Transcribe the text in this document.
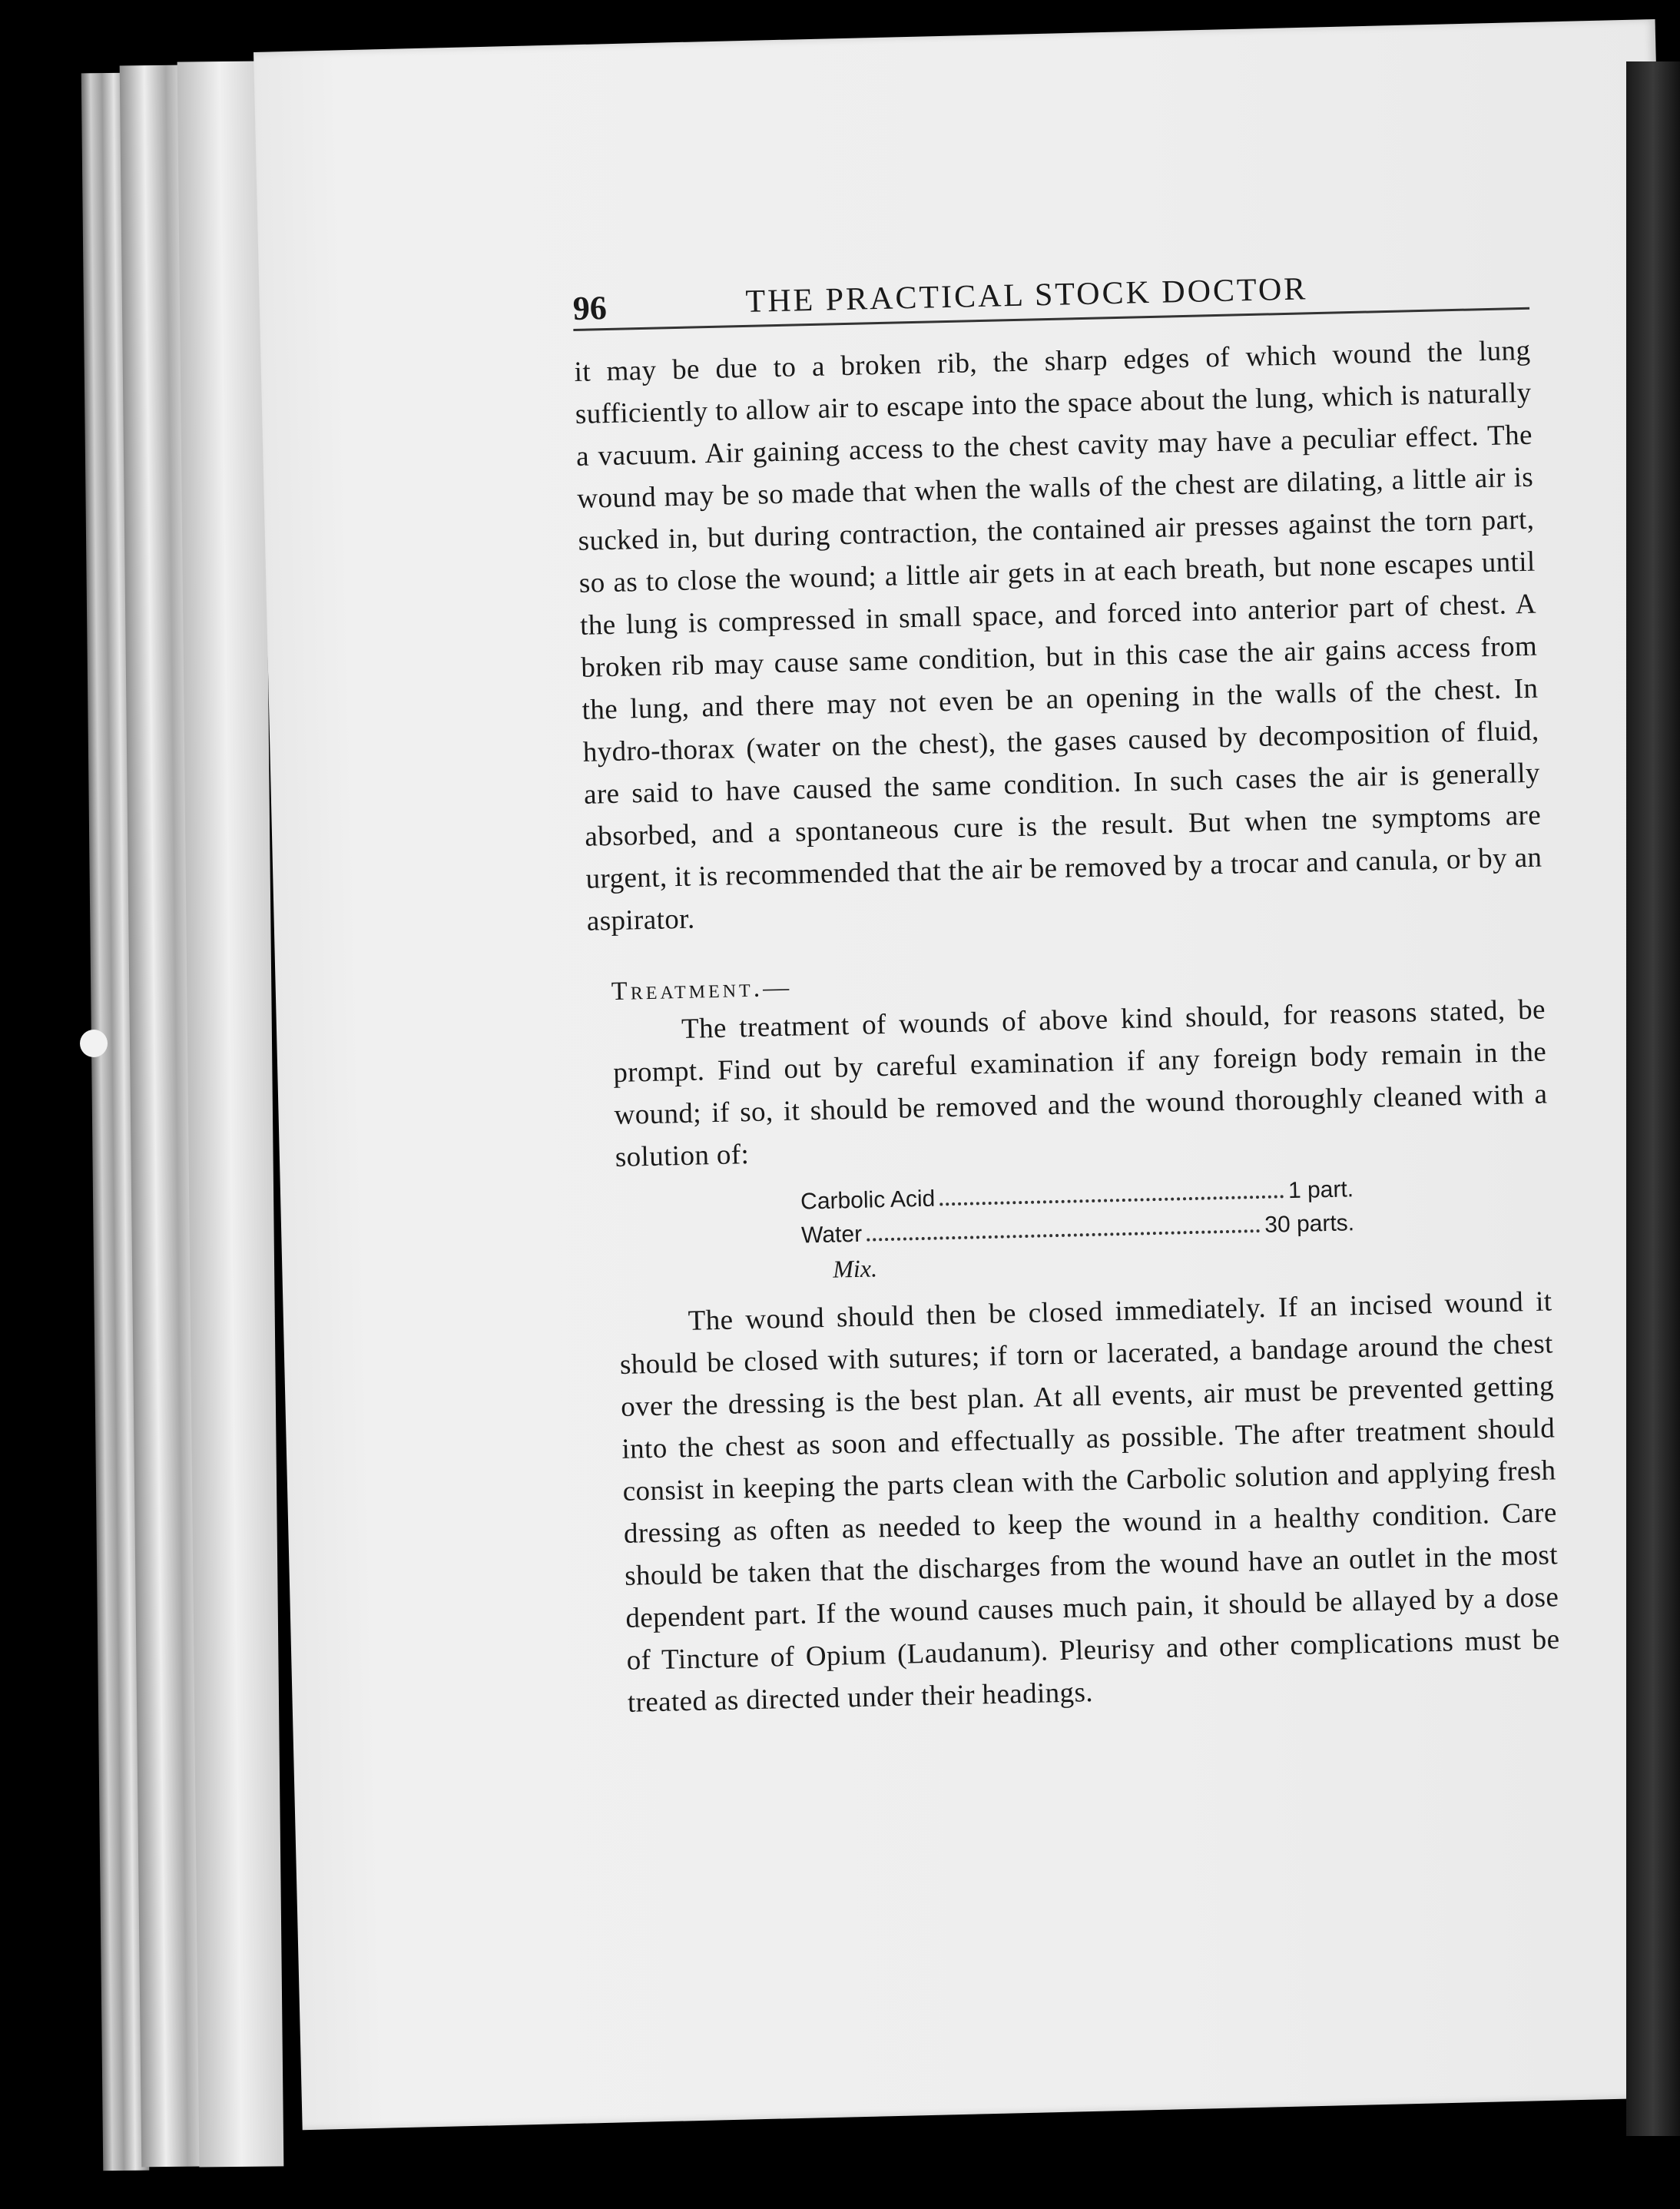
96	THE PRACTICAL STOCK DOCTOR

it may be due to a broken rib, the sharp edges of which wound the lung sufficiently to allow air to escape into the space about the lung, which is naturally a vacuum. Air gaining access to the chest cavity may have a peculiar effect. The wound may be so made that when the walls of the chest are dilating, a little air is sucked in, but during contraction, the contained air presses against the torn part, so as to close the wound; a little air gets in at each breath, but none escapes until the lung is compressed in small space, and forced into anterior part of chest. A broken rib may cause same condition, but in this case the air gains access from the lung, and there may not even be an opening in the walls of the chest. In hydro-thorax (water on the chest), the gases caused by decomposition of fluid, are said to have caused the same condition. In such cases the air is generally absorbed, and a spontaneous cure is the result. But when tne symptoms are urgent, it is recommended that the air be removed by a trocar and canula, or by an aspirator.

Treatment.—

The treatment of wounds of above kind should, for reasons stated, be prompt. Find out by careful examination if any foreign body remain in the wound; if so, it should be removed and the wound thoroughly cleaned with a solution of:

Carbolic Acid	1 part.
Water	30 parts.
Mix.

The wound should then be closed immediately. If an incised wound it should be closed with sutures; if torn or lacerated, a bandage around the chest over the dressing is the best plan. At all events, air must be prevented getting into the chest as soon and effectually as possible. The after treatment should consist in keeping the parts clean with the Carbolic solution and applying fresh dressing as often as needed to keep the wound in a healthy condition. Care should be taken that the discharges from the wound have an outlet in the most dependent part. If the wound causes much pain, it should be allayed by a dose of Tincture of Opium (Laudanum). Pleurisy and other complications must be treated as directed under their headings.
